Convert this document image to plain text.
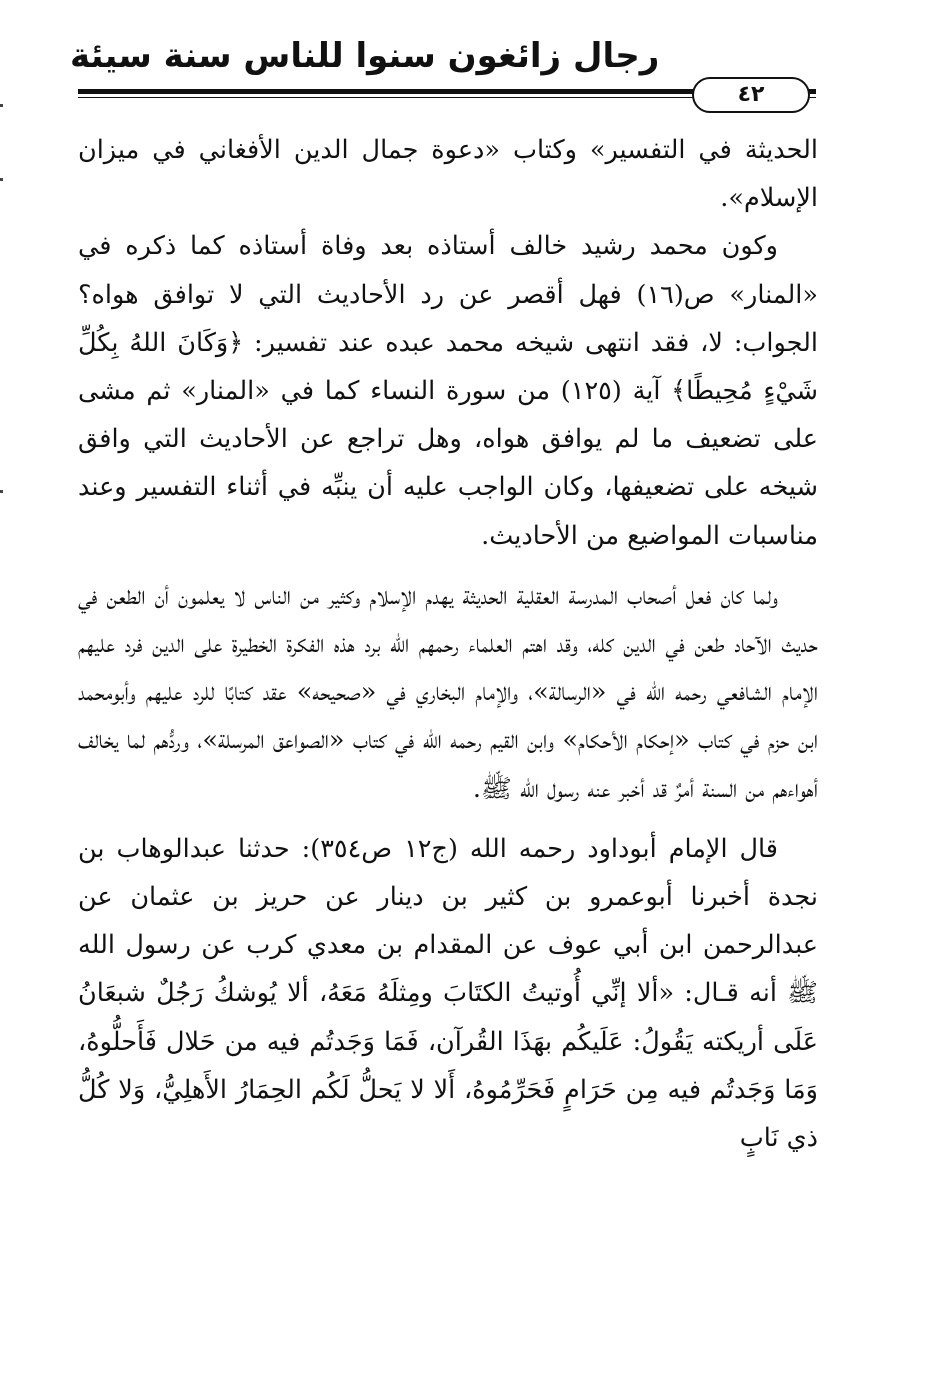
رجال زائغون سنوا للناس سنة سيئة
٤٢

الحديثة في التفسير» وكتاب «دعوة جمال الدين الأفغاني في ميزان الإسلام».

وكون محمد رشيد خالف أستاذه بعد وفاة أستاذه كما ذكره في «المنار» ص(١٦) فهل أقصر عن رد الأحاديث التي لا توافق هواه؟ الجواب: لا، فقد انتهى شيخه محمد عبده عند تفسير: ﴿وَكَانَ اللهُ بِكُلِّ شَيْءٍ مُحِيطًا﴾ آية (١٢٥) من سورة النساء كما في «المنار» ثم مشى على تضعيف ما لم يوافق هواه، وهل تراجع عن الأحاديث التي وافق شيخه على تضعيفها، وكان الواجب عليه أن ينبِّه في أثناء التفسير وعند مناسبات المواضيع من الأحاديث.

ولما كان فعل أصحاب المدرسة العقلية الحديثة يهدم الإسلام وكثير من الناس لا يعلمون أن الطعن في حديث الآحاد طعن في الدين كله، وقد اهتم العلماء رحمهم الله برد هذه الفكرة الخطيرة على الدين فرد عليهم الإمام الشافعي رحمه الله في «الرسالة»، والإمام البخاري في «صحيحه» عقد كتابًا للرد عليهم وأبومحمد ابن حزم في كتاب «إحكام الأحكام» وابن القيم رحمه الله في كتاب «الصواعق المرسلة»، وردُّهم لما يخالف أهواءهم من السنة أمرٌ قد أخبر عنه رسول الله ﷺ.

قال الإمام أبوداود رحمه الله (ج١٢ ص٣٥٤): حدثنا عبدالوهاب بن نجدة أخبرنا أبوعمرو بن كثير بن دينار عن حريز بن عثمان عن عبدالرحمن ابن أبي عوف عن المقدام بن معدي كرب عن رسول الله ﷺ أنه قـال: «ألا إنِّي أُوتيتُ الكتَابَ ومِثلَهُ مَعَهُ، ألا يُوشكُ رَجُلٌ شبعَانُ عَلَى أريكته يَقُولُ: عَلَيكُم بهَذَا القُرآن، فَمَا وَجَدتُم فيه من حَلال فَأَحلُّوهُ، وَمَا وَجَدتُم فيه مِن حَرَامٍ فَحَرِّمُوهُ، أَلا لا يَحلُّ لَكُم الحِمَارُ الأَهلِيُّ، وَلا كُلُّ ذي نَابٍ
